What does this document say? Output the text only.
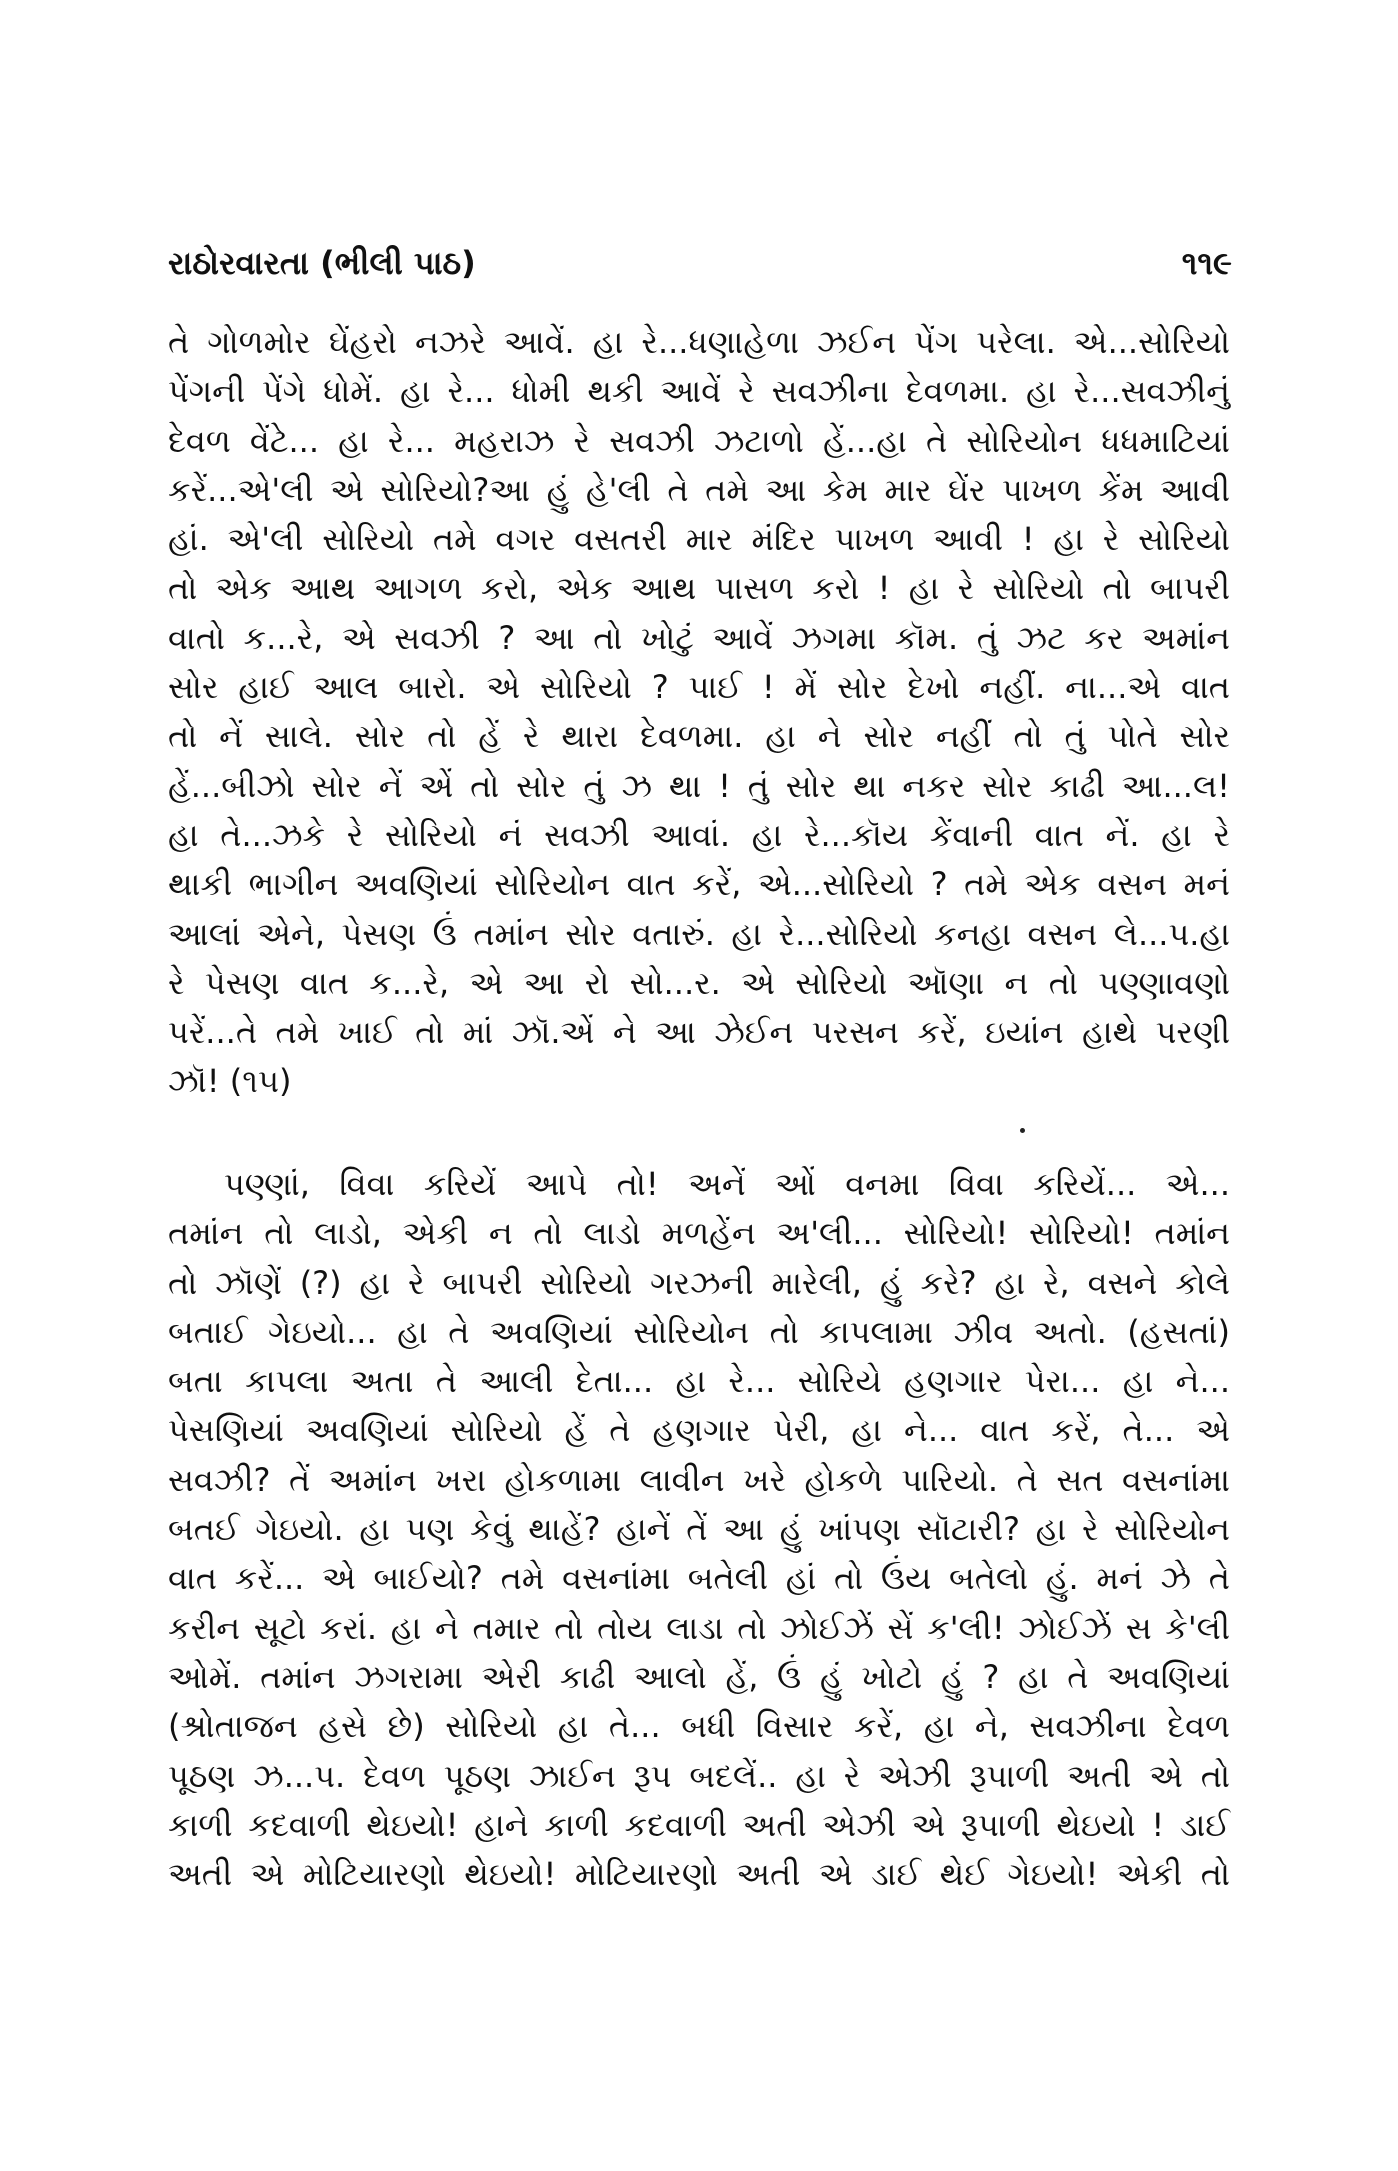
રાઠોરવારતા (ભીલી પાઠ)	૧૧૯
તે ગોળમોર ઘેંહરો નઝરે આવેં. હા રે...ધણાહેળા ઝઈન પેંગ પરેલા. એ...સોરિયો
પેંગની પેંગે ધોમેં. હા રે... ધોમી થકી આવેં રે સવઝીના દેવળમા. હા રે...સવઝીનું
દેવળ વેંટે... હા રે... મહરાઝ રે સવઝી ઝટાળો હેં...હા તે સોરિયોન ધધમાટિયાં
કરેં...એ'લી એ સોરિયો?આ હું હે'લી તે તમે આ કેમ માર ઘેંર પાખળ કેંમ આવી
હાં. એ'લી સોરિયો તમે વગર વસતરી માર મંદિર પાખળ આવી ! હા રે સોરિયો
તો એક આથ આગળ કરો, એક આથ પાસળ કરો ! હા રે સોરિયો તો બાપરી
વાતો ક...રે, એ સવઝી ? આ તો ખોટું આવેં ઝગમા કૉમ. તું ઝટ કર અમાંન
સોર હાઈ આલ બારો. એ સોરિયો ? પાઈ ! મેં સોર દેખો નહીં. ના...એ વાત
તો નેં સાલે. સોર તો હેં રે થારા દેવળમા. હા ને સોર નહીં તો તું પોતે સોર
હેં...બીઝો સોર નેં એં તો સોર તું ઝ થા ! તું સોર થા નકર સોર કાઢી આ...લ!
હા તે...ઝકે રે સોરિયો નં સવઝી આવાં. હા રે...કૉય કેંવાની વાત નેં. હા રે
થાકી ભાગીન અવણિયાં સોરિયોન વાત કરેં, એ...સોરિયો ? તમે એક વસન મનં
આલાં એને, પેસણ ઉં તમાંન સોર વતારું. હા રે...સોરિયો કનહા વસન લે...પ.હા
રે પેસણ વાત ક...રે, એ આ રો સો...ર. એ સોરિયો ઑણા ન તો પણ્ણાવણો
પરેં...તે તમે ખાઈ તો માં ઝૉ.એં ને આ ઝેઈન પરસન કરેં, ઇયાંન હાથે પરણી
ઝૉ! (૧૫)
પણ્ણાં, વિવા કરિયેં આપે તો! અનેં ઓં વનમા વિવા કરિયેં... એ...
તમાંન તો લાડો, એકી ન તો લાડો મળહેંન અ'લી... સોરિયો! સોરિયો! તમાંન
તો ઝૉણેં (?) હા રે બાપરી સોરિયો ગરઝની મારેલી, હું કરે? હા રે, વસને કોલે
બતાઈ ગેઇયો... હા તે અવણિયાં સોરિયોન તો કાપલામા ઝીવ અતો. (હસતાં)
બતા કાપલા અતા તે આલી દેતા... હા રે... સોરિયે હણગાર પેરા... હા ને...
પેસણિયાં અવણિયાં સોરિયો હેં તે હણગાર પેરી, હા ને... વાત કરેં, તે... એ
સવઝી? તેં અમાંન ખરા હોકળામા લાવીન ખરે હોકળે પારિયો. તે સત વસનાંમા
બતઈ ગેઇયો. હા પણ કેવું થાહેં? હાનેં તેં આ હું ખાંપણ સૉટારી? હા રે સોરિયોન
વાત કરેં... એ બાઈયો? તમે વસનાંમા બતેલી હાં તો ઉંય બતેલો હું. મનં ઝે તે
કરીન સૂટો કરાં. હા ને તમાર તો તોય લાડા તો ઝોઈઝેં સેં ક'લી! ઝોઈઝેં સ કે'લી
ઓમેં. તમાંન ઝગરામા એરી કાઢી આલો હેં, ઉં હું ખોટો હું ? હા તે અવણિયાં
(શ્રોતાજન હસે છે) સોરિયો હા તે... બધી વિસાર કરેં, હા ને, સવઝીના દેવળ
પૂઠણ ઝ...પ. દેવળ પૂઠણ ઝાઈન રૂપ બદલેં.. હા રે એઝી રૂપાળી અતી એ તો
કાળી કદવાળી થેઇયો! હાને કાળી કદવાળી અતી એઝી એ રૂપાળી થેઇયો ! ડાઈ
અતી એ મોટિયારણો થેઇયો! મોટિયારણો અતી એ ડાઈ થેઈ ગેઇયો! એકી તો
